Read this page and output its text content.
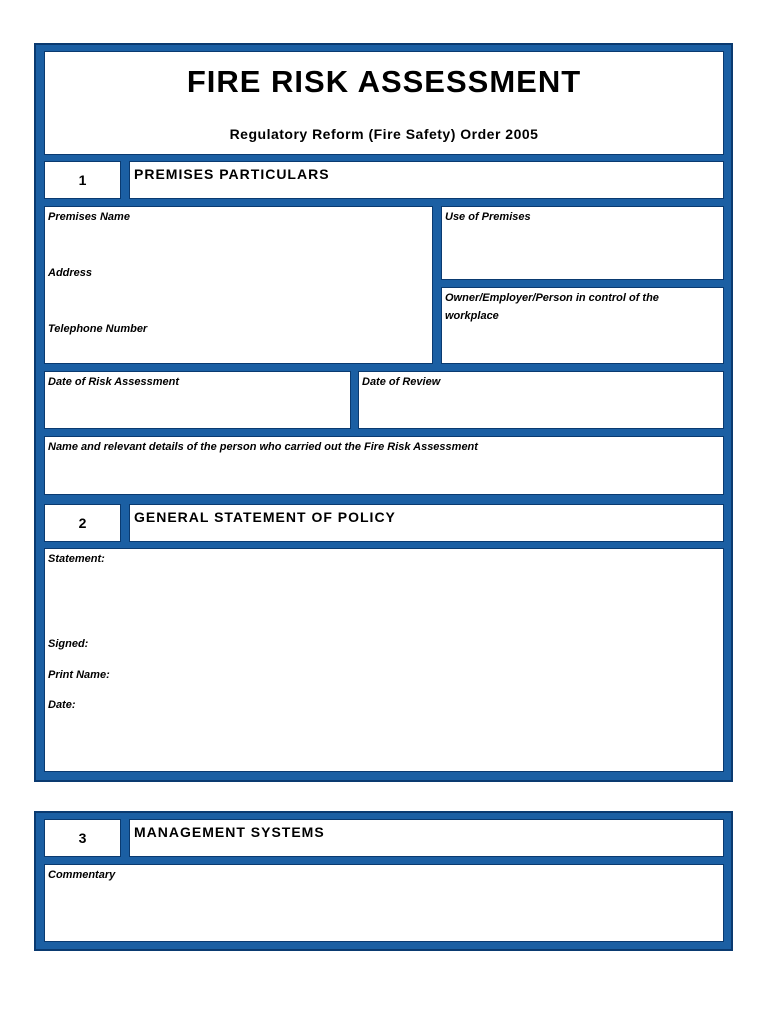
FIRE RISK ASSESSMENT
Regulatory Reform (Fire Safety) Order 2005
1	PREMISES PARTICULARS
Premises Name
Address
Telephone Number
Use of Premises
Owner/Employer/Person in control of the workplace
Date of Risk Assessment	Date of Review
Name and relevant details of the person who carried out the Fire Risk Assessment
2	GENERAL STATEMENT OF POLICY
Statement:
Signed:
Print Name:
Date:
3	MANAGEMENT SYSTEMS
Commentary
